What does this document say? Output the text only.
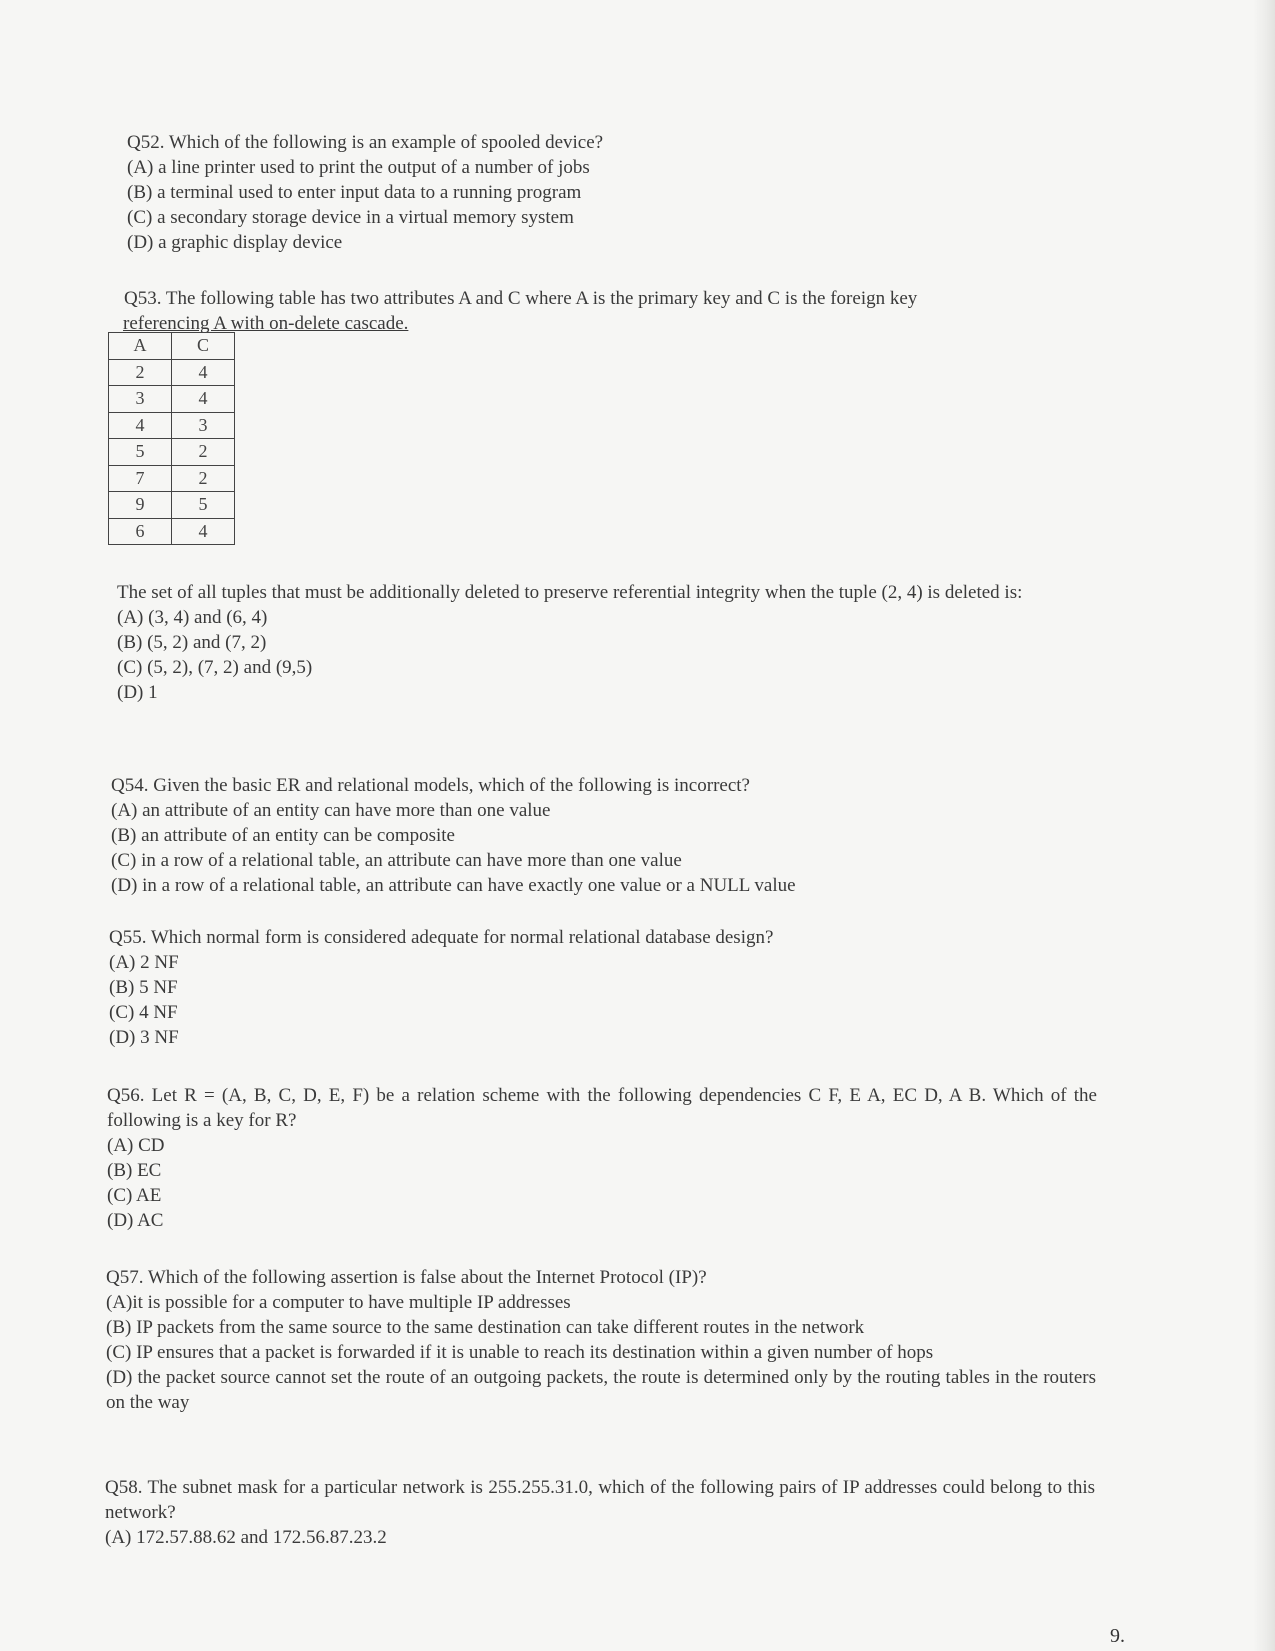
Q52. Which of the following is an example of spooled device?

(A) a line printer used to print the output of a number of jobs

(B) a terminal used to enter input data to a running program

(C) a secondary storage device in a virtual memory system

(D) a graphic display device

Q53. The following table has two attributes A and C where A is the primary key and C is the foreign key

referencing A with on-delete cascade.

A	C
2	4
3	4
4	3
5	2
7	2
9	5
6	4

The set of all tuples that must be additionally deleted to preserve referential integrity when the tuple (2, 4) is deleted is:

(A) (3, 4) and (6, 4)

(B) (5, 2) and (7, 2)

(C) (5, 2), (7, 2) and (9,5)

(D) 1

Q54. Given the basic ER and relational models, which of the following is incorrect?

(A) an attribute of an entity can have more than one value

(B) an attribute of an entity can be composite

(C) in a row of a relational table, an attribute can have more than one value

(D) in a row of a relational table, an attribute can have exactly one value or a NULL value

Q55. Which normal form is considered adequate for normal relational database design?

(A) 2 NF

(B) 5 NF

(C) 4 NF

(D) 3 NF

Q56. Let R = (A, B, C, D, E, F) be a relation scheme with the following dependencies C F, E A, EC D, A B. Which of the following is a key for R?

(A) CD

(B) EC

(C) AE

(D) AC

Q57. Which of the following assertion is false about the Internet Protocol (IP)?

(A)it is possible for a computer to have multiple IP addresses

(B) IP packets from the same source to the same destination can take different routes in the network

(C) IP ensures that a packet is forwarded if it is unable to reach its destination within a given number of hops

(D) the packet source cannot set the route of an outgoing packets, the route is determined only by the routing tables in the routers on the way

Q58. The subnet mask for a particular network is 255.255.31.0, which of the following pairs of IP addresses could belong to this network?

(A) 172.57.88.62 and 172.56.87.23.2

9.
